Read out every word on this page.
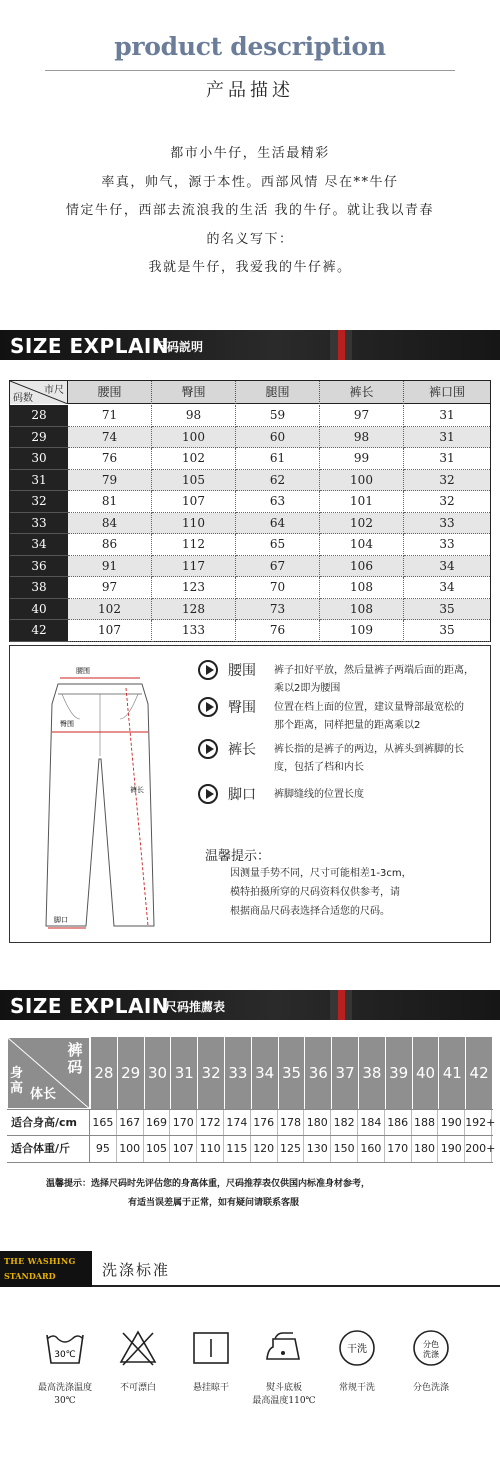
product description
产品描述
都市小牛仔，生活最精彩
率真，帅气，源于本性。西部风情 尽在**牛仔
情定牛仔，西部去流浪我的生活 我的牛仔。就让我以青春
的名义写下：
我就是牛仔，我爱我的牛仔裤。
SIZE EXPLAIN
尺码説明
市尺
码数	腰围	臀围	腿围	裤长	裤口围
28	71	98	59	97	31
29	74	100	60	98	31
30	76	102	61	99	31
31	79	105	62	100	32
32	81	107	63	101	32
33	84	110	64	102	33
34	86	112	65	104	33
36	91	117	67	106	34
38	97	123	70	108	34
40	102	128	73	108	35
42	107	133	76	109	35
腰围
臀围
裤长
脚口
腰围 裤子扣好平放，然后量裤子两端后面的距离，
乘以2即为腰围
臀围 位置在档上面的位置，建议量臀部最宽松的
那个距离，同样把量的距离乘以2
裤长 裤长指的是裤子的两边，从裤头到裤脚的长
度，包括了档和内长
脚口 裤脚缝线的位置长度
温馨提示：
因测量手势不同，尺寸可能相差1-3cm，
模特拍摄所穿的尺码资料仅供参考，请
根据商品尺码表选择合适您的尺码。
SIZE EXPLAIN
尺码推薦表
裤码
身高 体长
28 29 30 31 32 33 34 35 36 37 38 39 40 41 42
适合身高/cm	165 167 169 170 172 174 176 178 180 182 184 186 188 190 192+
适合体重/斤	95 100 105 107 110 115 120 125 130 150 160 170 180 190 200+
温馨提示：选择尺码时先评估您的身高体重，尺码推荐表仅供国内标准身材参考，
有适当误差属于正常，如有疑问请联系客服
THE WASHING
STANDARD	洗涤标准
30℃
最高洗涤温度
30℃
不可漂白	悬挂晾干	熨斗底板
最高温度110℃
干洗
常规干洗
分色
洗涤
分色洗涤
